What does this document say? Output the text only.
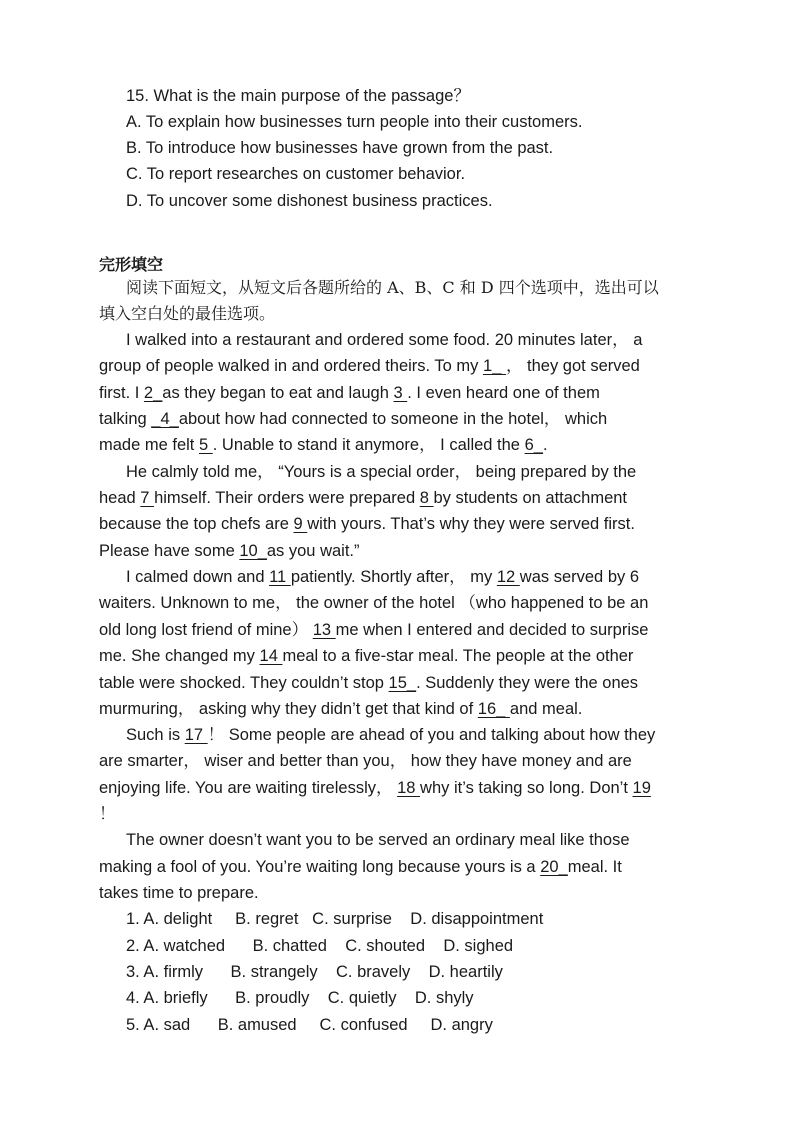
15. What is the main purpose of the passage？
A. To explain how businesses turn people into their customers.
B. To introduce how businesses have grown from the past.
C. To report researches on customer behavior.
D. To uncover some dishonest business practices.
完形填空
阅读下面短文，从短文后各题所给的 A、B、C 和 D 四个选项中，选出可以
填入空白处的最佳选项。
I walked into a restaurant and ordered some food. 20 minutes later， a
group of people walked in and ordered theirs. To my 1_ ， they got served
first. I 2_as they began to eat and laugh 3 . I even heard one of them
talking _4_about how had connected to someone in the hotel， which
made me felt 5 . Unable to stand it anymore， I called the 6_.
He calmly told me， “Yours is a special order， being prepared by the
head 7 himself. Their orders were prepared 8 by students on attachment
because the top chefs are 9 with yours. That’s why they were served first.
Please have some 10_as you wait.”
I calmed down and 11 patiently. Shortly after， my 12 was served by 6
waiters. Unknown to me， the owner of the hotel （who happened to be an
old long lost friend of mine） 13 me when I entered and decided to surprise
me. She changed my 14 meal to a five-star meal. The people at the other
table were shocked. They couldn’t stop 15_. Suddenly they were the ones
murmuring， asking why they didn’t get that kind of 16_ and meal.
Such is 17 ！ Some people are ahead of you and talking about how they
are smarter， wiser and better than you， how they have money and are
enjoying life. You are waiting tirelessly， 18 why it’s taking so long. Don’t 19
！
The owner doesn’t want you to be served an ordinary meal like those
making a fool of you. You’re waiting long because yours is a 20_meal. It
takes time to prepare.
1. A. delight     B. regret   C. surprise    D. disappointment
2. A. watched      B. chatted    C. shouted    D. sighed
3. A. firmly      B. strangely    C. bravely    D. heartily
4. A. briefly      B. proudly    C. quietly    D. shyly
5. A. sad      B. amused     C. confused     D. angry
